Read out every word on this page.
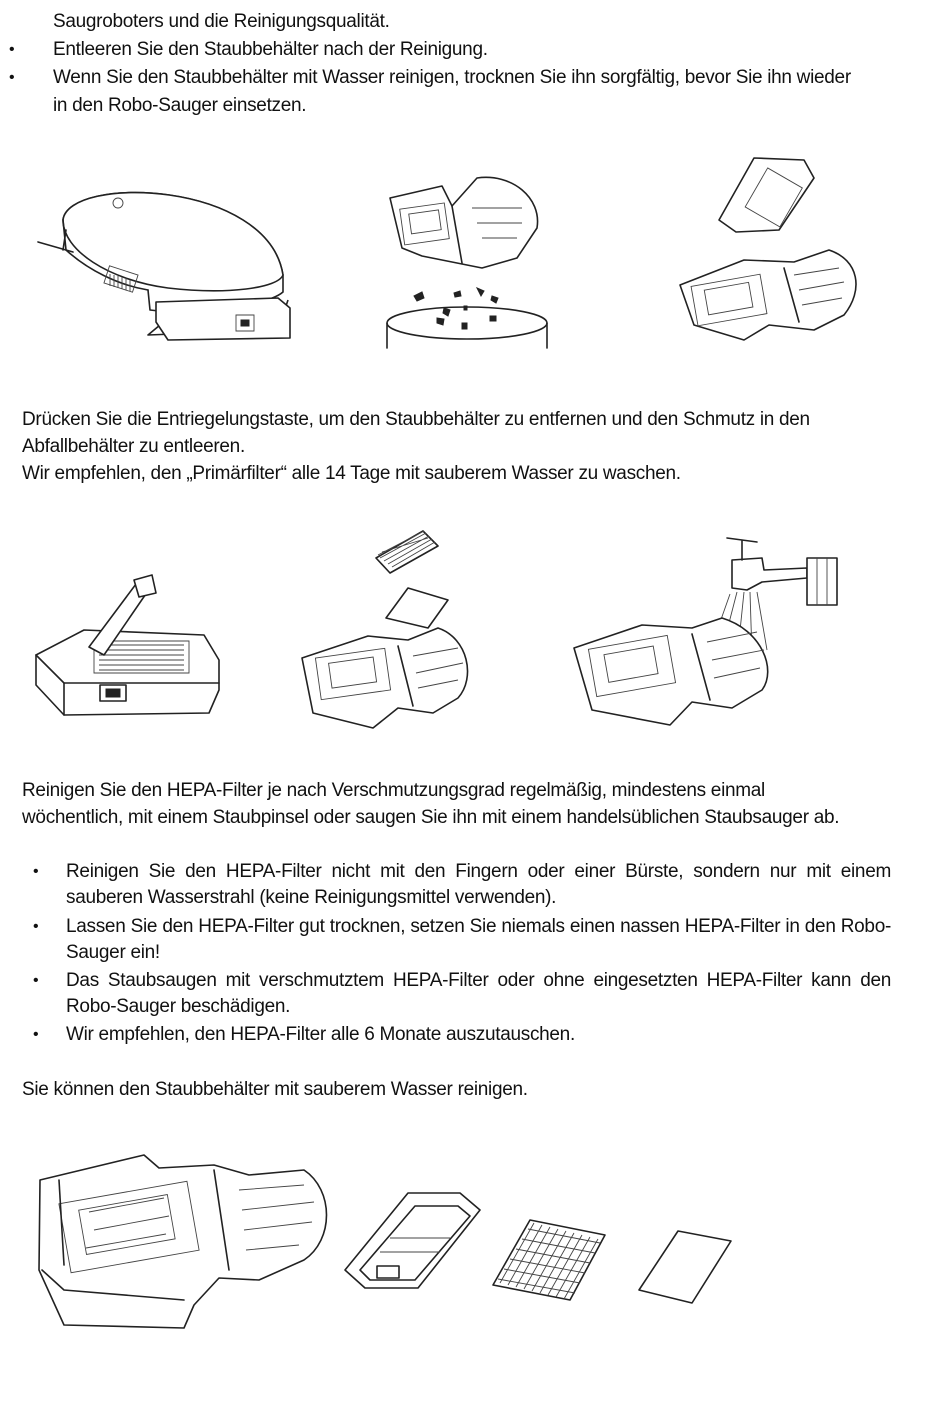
Saugroboters und die Reinigungsqualität.
• Entleeren Sie den Staubbehälter nach der Reinigung.
• Wenn Sie den Staubbehälter mit Wasser reinigen, trocknen Sie ihn sorgfältig, bevor Sie ihn wieder
in den Robo-Sauger einsetzen.
Drücken Sie die Entriegelungstaste, um den Staubbehälter zu entfernen und den Schmutz in den
Abfallbehälter zu entleeren.
Wir empfehlen, den „Primärfilter“ alle 14 Tage mit sauberem Wasser zu waschen.
Reinigen Sie den HEPA-Filter je nach Verschmutzungsgrad regelmäßig, mindestens einmal
wöchentlich, mit einem Staubpinsel oder saugen Sie ihn mit einem handelsüblichen Staubsauger ab.
• Reinigen Sie den HEPA-Filter nicht mit den Fingern oder einer Bürste, sondern nur mit einem sauberen Wasserstrahl (keine Reinigungsmittel verwenden).
• Lassen Sie den HEPA-Filter gut trocknen, setzen Sie niemals einen nassen HEPA-Filter in den Robo-Sauger ein!
• Das Staubsaugen mit verschmutztem HEPA-Filter oder ohne eingesetzten HEPA-Filter kann den Robo-Sauger beschädigen.
• Wir empfehlen, den HEPA-Filter alle 6 Monate auszutauschen.
Sie können den Staubbehälter mit sauberem Wasser reinigen.
